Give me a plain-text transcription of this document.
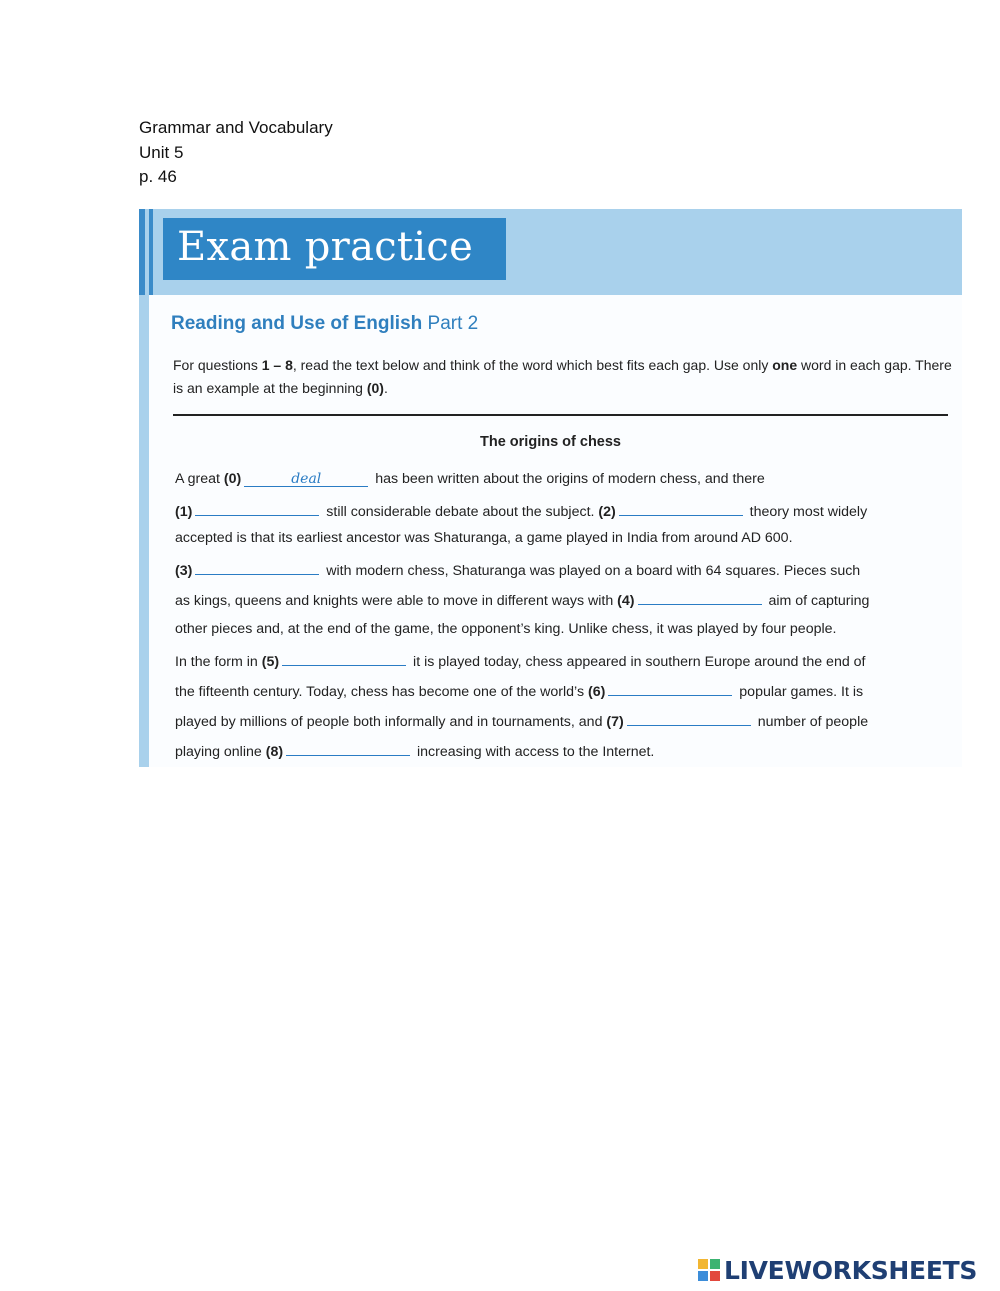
Grammar and Vocabulary
Unit 5
p. 46
Exam practice
Reading and Use of English Part 2
For questions 1 – 8, read the text below and think of the word which best fits each gap. Use only one word in each gap. There is an example at the beginning (0).
The origins of chess
A great (0)	deal	has been written about the origins of modern chess, and there
(1)	still considerable debate about the subject. (2)	theory most widely
accepted is that its earliest ancestor was Shaturanga, a game played in India from around AD 600.
(3)	with modern chess, Shaturanga was played on a board with 64 squares. Pieces such
as kings, queens and knights were able to move in different ways with (4)	aim of capturing
other pieces and, at the end of the game, the opponent’s king. Unlike chess, it was played by four people.
In the form in (5)	it is played today, chess appeared in southern Europe around the end of
the fifteenth century. Today, chess has become one of the world’s (6)	popular games. It is
played by millions of people both informally and in tournaments, and (7)	number of people
playing online (8)	increasing with access to the Internet.
LIVEWORKSHEETS
